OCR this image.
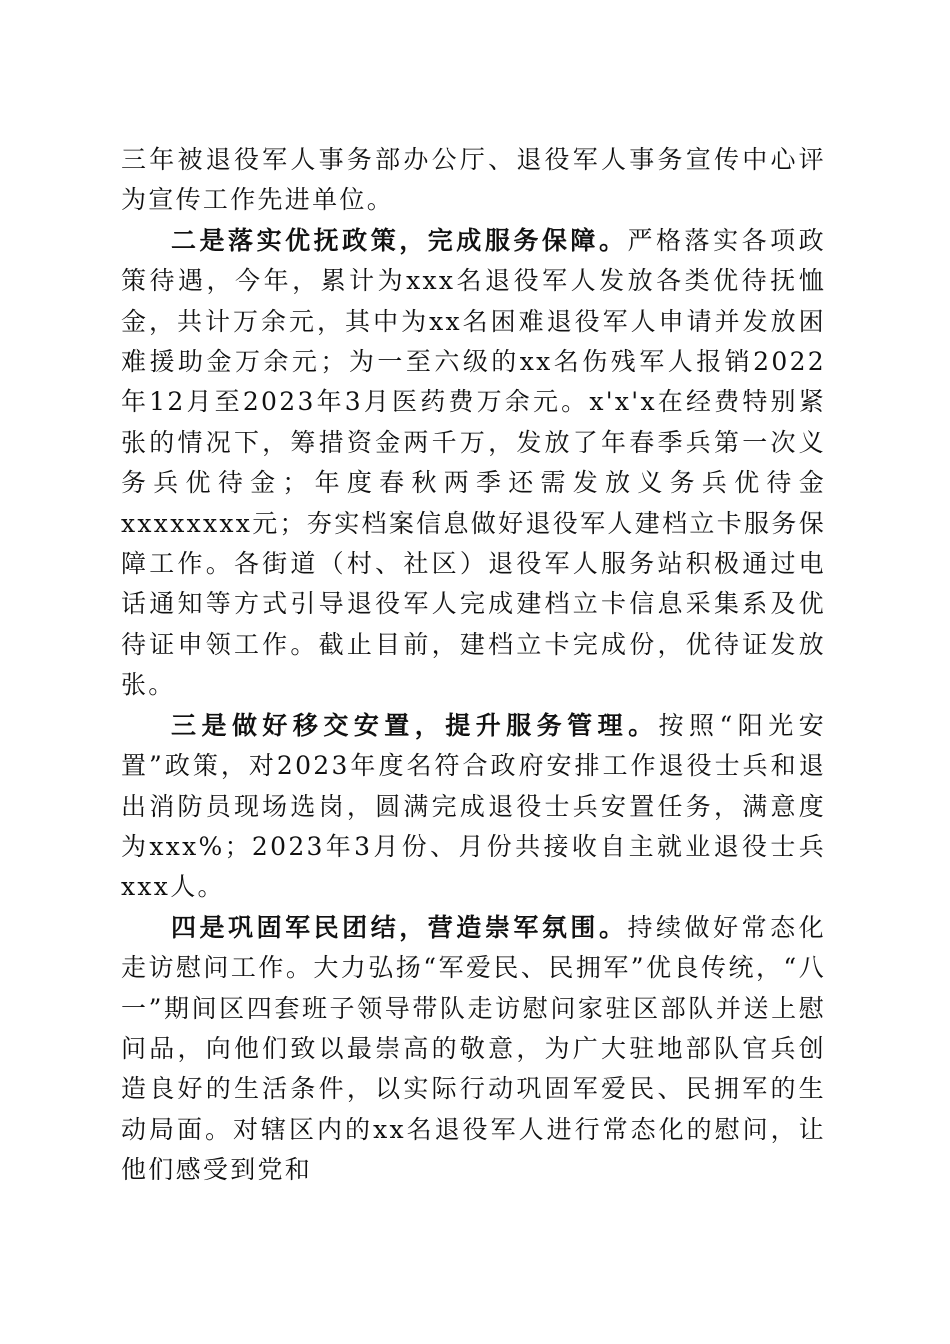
三年被退役军人事务部办公厅、退役军人事务宣传中心评为宣传工作先进单位。

二是落实优抚政策，完成服务保障。严格落实各项政策待遇，今年，累计为xxx名退役军人发放各类优待抚恤金，共计万余元，其中为xx名困难退役军人申请并发放困难援助金万余元；为一至六级的xx名伤残军人报销2022年12月至2023年3月医药费万余元。x'x'x在经费特别紧张的情况下，筹措资金两千万，发放了年春季兵第一次义务兵优待金；年度春秋两季还需发放义务兵优待金xxxxxxxx元；夯实档案信息做好退役军人建档立卡服务保障工作。各街道（村、社区）退役军人服务站积极通过电话通知等方式引导退役军人完成建档立卡信息采集系及优待证申领工作。截止目前，建档立卡完成份，优待证发放张。

三是做好移交安置，提升服务管理。按照“阳光安置”政策，对2023年度名符合政府安排工作退役士兵和退出消防员现场选岗，圆满完成退役士兵安置任务，满意度为xxx%；2023年3月份、月份共接收自主就业退役士兵xxx人。

四是巩固军民团结，营造崇军氛围。持续做好常态化走访慰问工作。大力弘扬“军爱民、民拥军”优良传统，“八一”期间区四套班子领导带队走访慰问家驻区部队并送上慰问品，向他们致以最崇高的敬意，为广大驻地部队官兵创造良好的生活条件，以实际行动巩固军爱民、民拥军的生动局面。对辖区内的xx名退役军人进行常态化的慰问，让他们感受到党和
